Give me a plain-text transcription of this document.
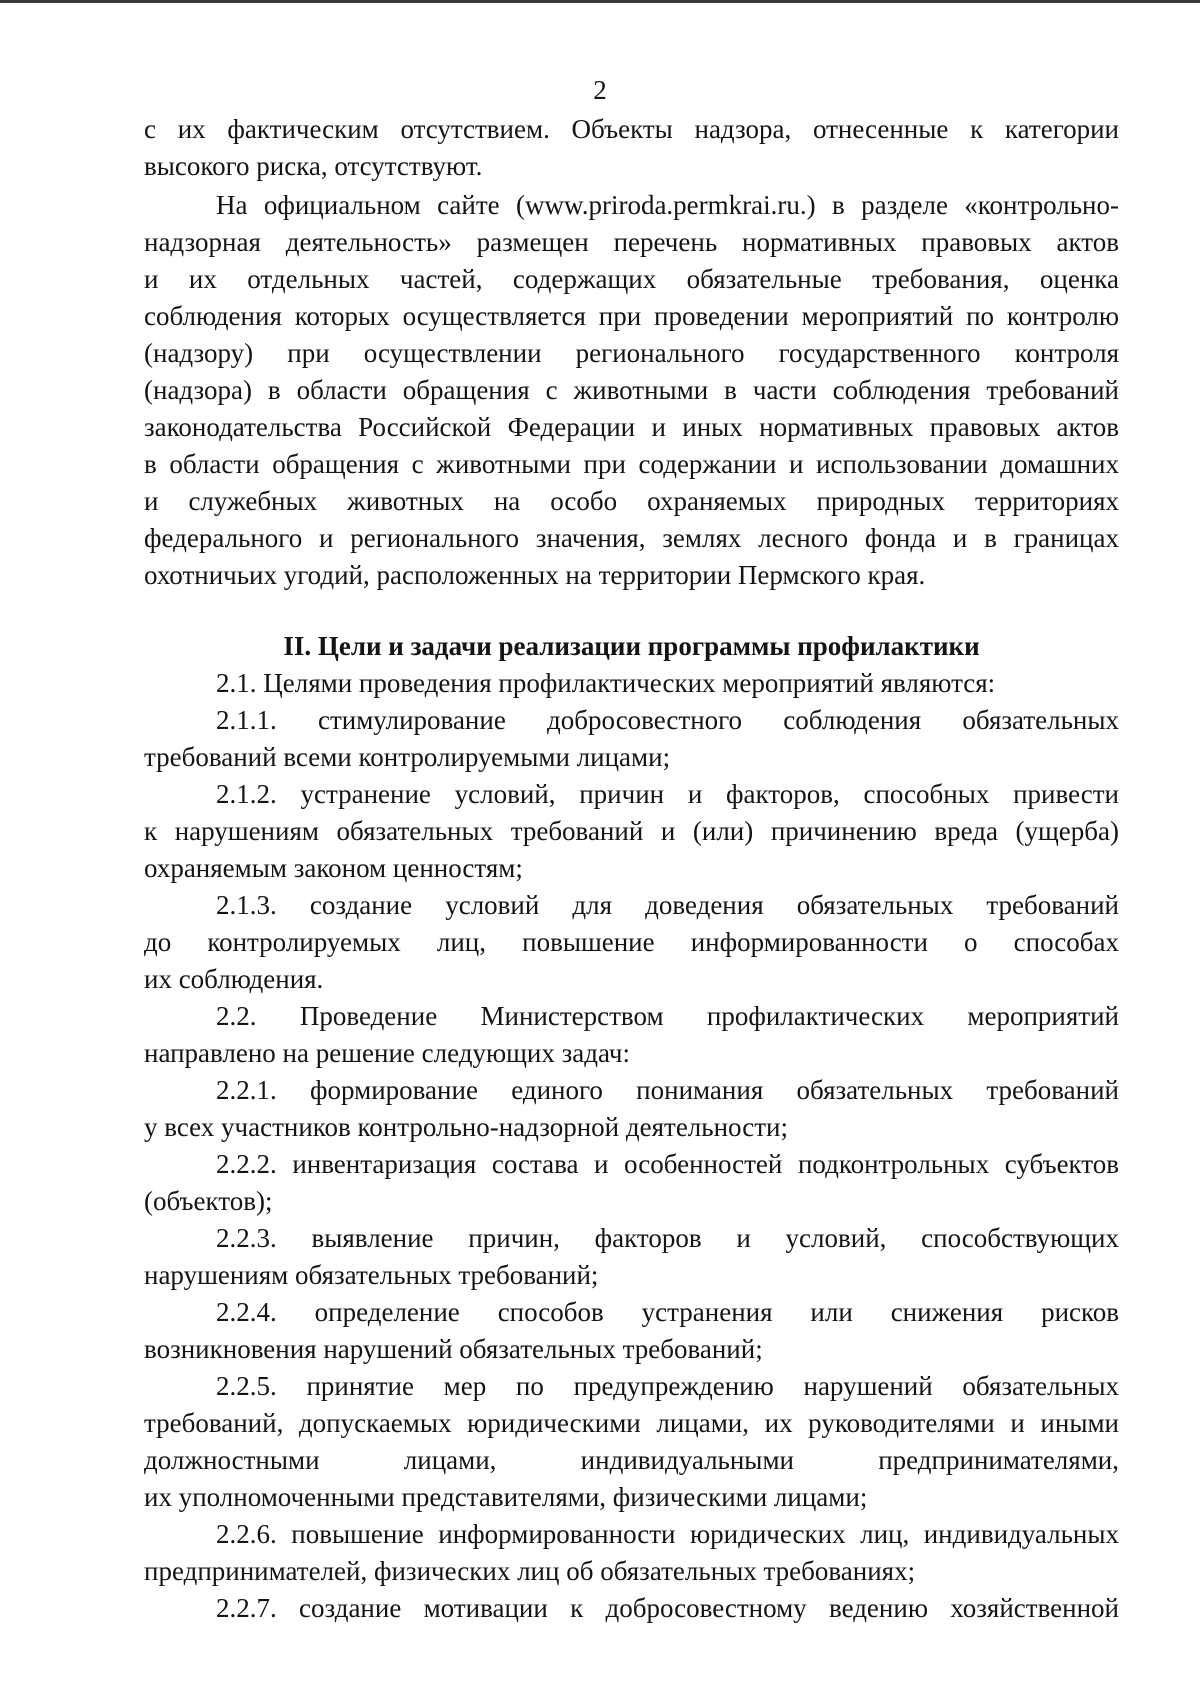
2
с их фактическим отсутствием. Объекты надзора, отнесенные к категории
высокого риска, отсутствуют.
На официальном сайте (www.priroda.permkrai.ru.) в разделе «контрольно-
надзорная деятельность» размещен перечень нормативных правовых актов
и их отдельных частей, содержащих обязательные требования, оценка
соблюдения которых осуществляется при проведении мероприятий по контролю
(надзору) при осуществлении регионального государственного контроля
(надзора) в области обращения с животными в части соблюдения требований
законодательства Российской Федерации и иных нормативных правовых актов
в области обращения с животными при содержании и использовании домашних
и служебных животных на особо охраняемых природных территориях
федерального и регионального значения, землях лесного фонда и в границах
охотничьих угодий, расположенных на территории Пермского края.
II. Цели и задачи реализации программы профилактики
2.1. Целями проведения профилактических мероприятий являются:
2.1.1. стимулирование добросовестного соблюдения обязательных
требований всеми контролируемыми лицами;
2.1.2. устранение условий, причин и факторов, способных привести
к нарушениям обязательных требований и (или) причинению вреда (ущерба)
охраняемым законом ценностям;
2.1.3. создание условий для доведения обязательных требований
до контролируемых лиц, повышение информированности о способах
их соблюдения.
2.2. Проведение Министерством профилактических мероприятий
направлено на решение следующих задач:
2.2.1. формирование единого понимания обязательных требований
у всех участников контрольно-надзорной деятельности;
2.2.2. инвентаризация состава и особенностей подконтрольных субъектов
(объектов);
2.2.3. выявление причин, факторов и условий, способствующих
нарушениям обязательных требований;
2.2.4. определение способов устранения или снижения рисков
возникновения нарушений обязательных требований;
2.2.5. принятие мер по предупреждению нарушений обязательных
требований, допускаемых юридическими лицами, их руководителями и иными
должностными лицами, индивидуальными предпринимателями,
их уполномоченными представителями, физическими лицами;
2.2.6. повышение информированности юридических лиц, индивидуальных
предпринимателей, физических лиц об обязательных требованиях;
2.2.7. создание мотивации к добросовестному ведению хозяйственной
